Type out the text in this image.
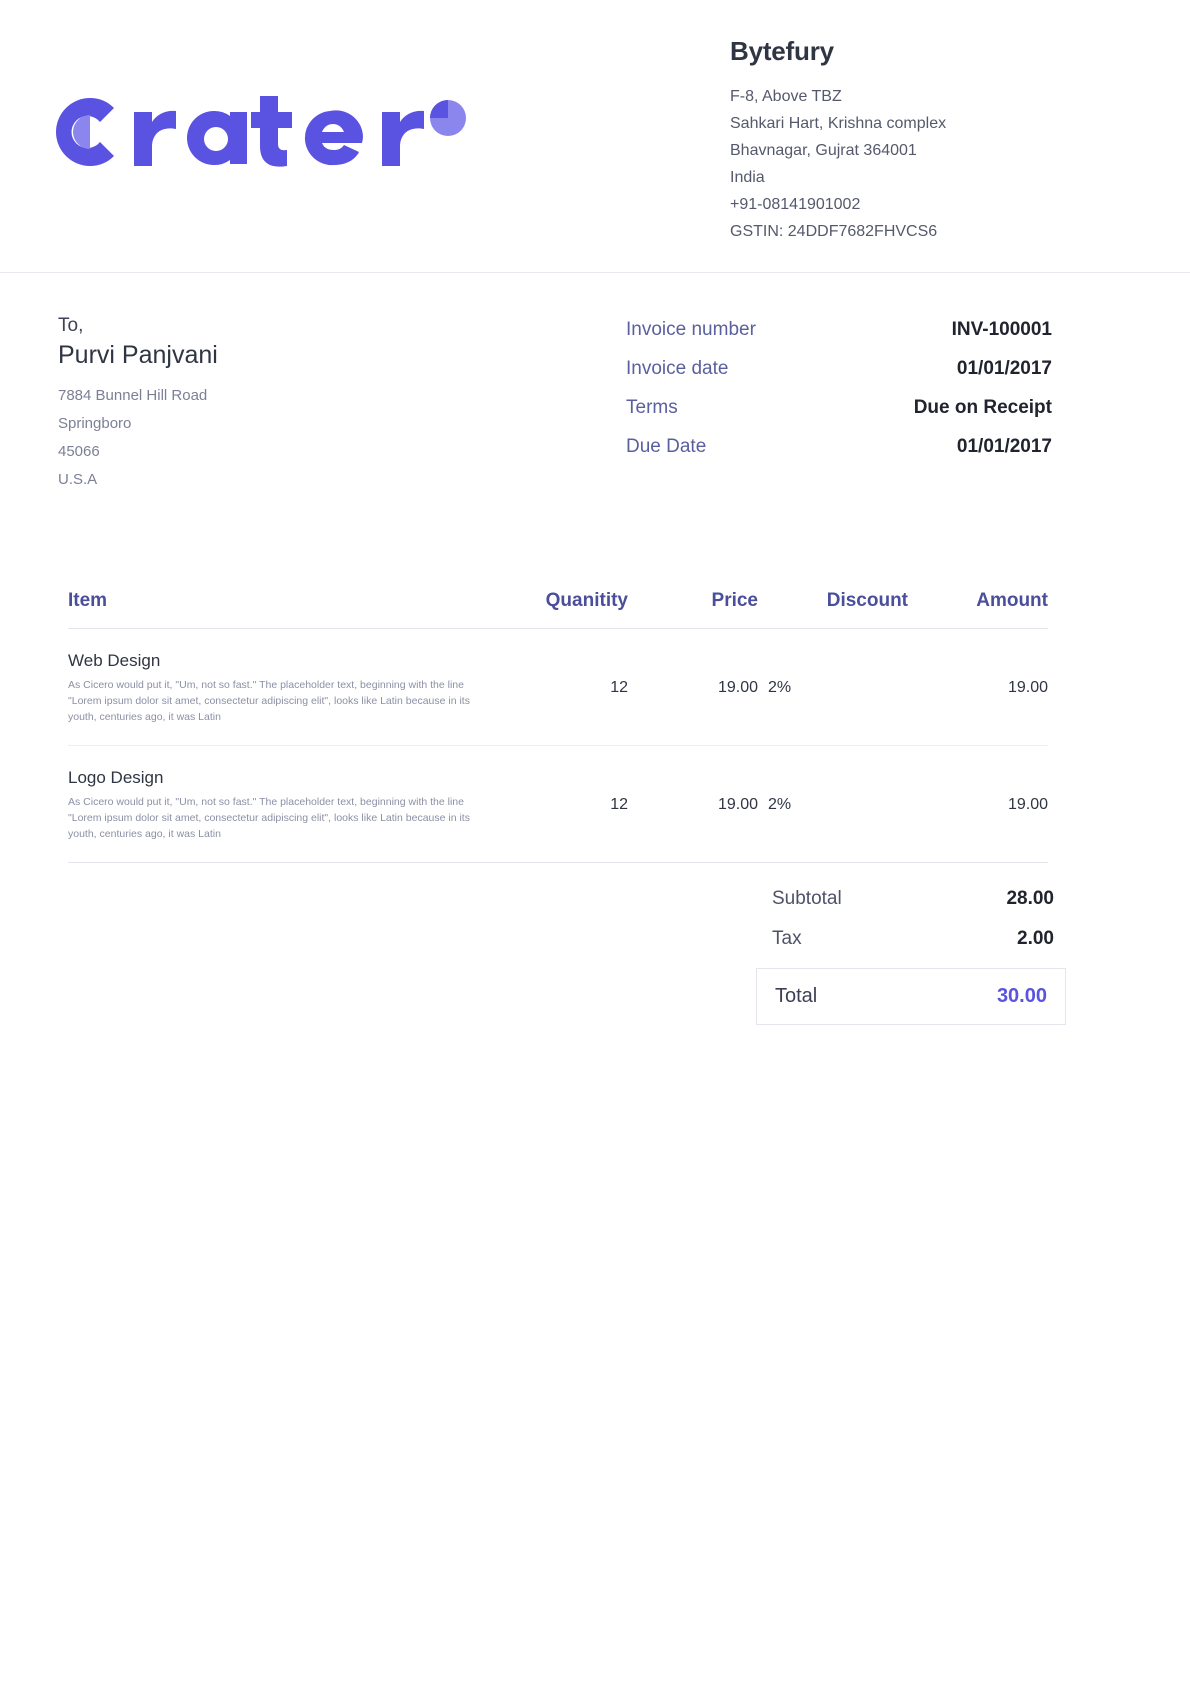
Bytefury
F-8, Above TBZ
Sahkari Hart, Krishna complex
Bhavnagar, Gujrat 364001
India
+91-08141901002
GSTIN: 24DDF7682FHVCS6
To,
Purvi Panjvani
7884 Bunnel Hill Road
Springboro
45066
U.S.A
Invoice number	INV-100001
Invoice date	01/01/2017
Terms	Due on Receipt
Due Date	01/01/2017
Item	Quanitity	Price	Discount	Amount
Web Design
As Cicero would put it, "Um, not so fast." The placeholder text, beginning with the line "Lorem ipsum dolor sit amet, consectetur adipiscing elit", looks like Latin because in its youth, centuries ago, it was Latin
12	19.00 2%	19.00
Logo Design
As Cicero would put it, "Um, not so fast." The placeholder text, beginning with the line "Lorem ipsum dolor sit amet, consectetur adipiscing elit", looks like Latin because in its youth, centuries ago, it was Latin
12	19.00 2%	19.00
Subtotal	28.00
Tax	2.00
Total	30.00
